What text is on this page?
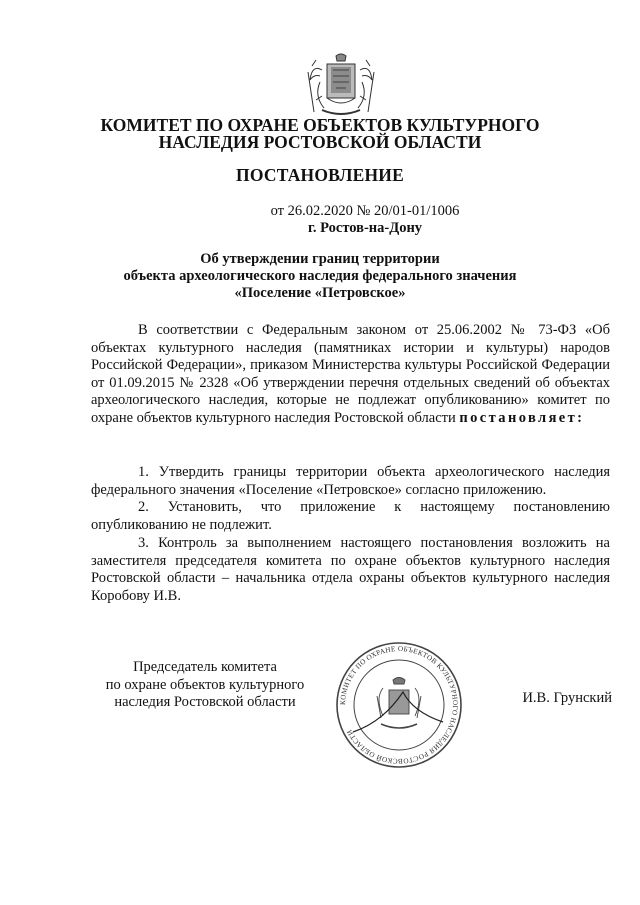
КОМИТЕТ ПО ОХРАНЕ ОБЪЕКТОВ КУЛЬТУРНОГО
НАСЛЕДИЯ РОСТОВСКОЙ ОБЛАСТИ
ПОСТАНОВЛЕНИЕ
от 26.02.2020 № 20/01-01/1006
г. Ростов-на-Дону
Об утверждении границ территории
объекта археологического наследия федерального значения
«Поселение «Петровское»
В соответствии с Федеральным законом от 25.06.2002 № 73-ФЗ «Об объектах культурного наследия (памятниках истории и культуры) народов Российской Федерации», приказом Министерства культуры Российской Федерации от 01.09.2015 № 2328 «Об утверждении перечня отдельных сведений об объектах археологического наследия, которые не подлежат опубликованию» комитет по охране объектов культурного наследия Ростовской области постановляет:
1. Утвердить границы территории объекта археологического наследия федерального значения «Поселение «Петровское» согласно приложению.
2. Установить, что приложение к настоящему постановлению опубликованию не подлежит.
3. Контроль за выполнением настоящего постановления возложить на заместителя председателя комитета по охране объектов культурного наследия Ростовской области – начальника отдела охраны объектов культурного наследия Коробову И.В.
Председатель комитета
по охране объектов культурного
наследия Ростовской области	КОМИТЕТ ПО ОХРАНЕ ОБЪЕКТОВ КУЛЬТУРНОГО НАСЛЕДИЯ РОСТОВСКОЙ ОБЛАСТИ
И.В. Грунский
